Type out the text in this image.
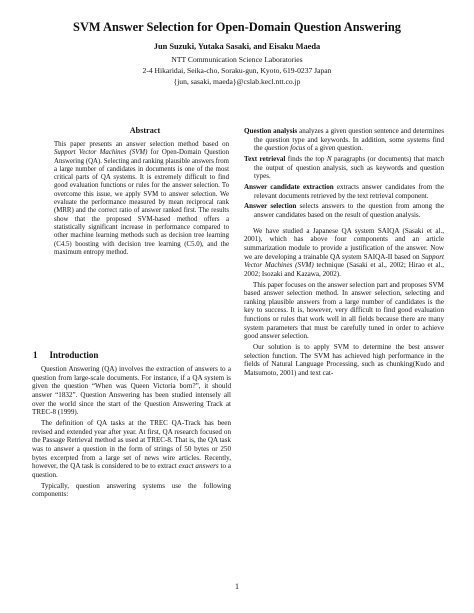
SVM Answer Selection for Open-Domain Question Answering
Jun Suzuki, Yutaka Sasaki, and Eisaku Maeda
NTT Communication Science Laboratories
2-4 Hikaridai, Seika-cho, Soraku-gun, Kyoto, 619-0237 Japan
{jun, sasaki, maeda}@cslab.kecl.ntt.co.jp
Abstract
This paper presents an answer selection method based on Support Vector Machines (SVM) for Open-Domain Question Answering (QA). Selecting and ranking plausible answers from a large number of candidates in documents is one of the most critical parts of QA systems. It is extremely difficult to find good evaluation functions or rules for the answer selection. To overcome this issue, we apply SVM to answer selection. We evaluate the performance measured by mean reciprocal rank (MRR) and the correct ratio of answer ranked first. The results show that the proposed SVM-based method offers a statistically significant increase in performance compared to other machine learning methods such as decision tree learning (C4.5) boosting with decision tree learning (C5.0), and the maximum entropy method.
1 Introduction

Question Answering (QA) involves the extraction of answers to a question from large-scale documents. For instance, if a QA system is given the question “When was Queen Victoria born?”, it should answer “1832”. Question Answering has been studied intensely all over the world since the start of the Question Answering Track at TREC-8 (1999).

The definition of QA tasks at the TREC QA-Track has been revised and extended year after year. At first, QA research focused on the Passage Retrieval method as used at TREC-8. That is, the QA task was to answer a question in the form of strings of 50 bytes or 250 bytes excerpted from a large set of news wire articles. Recently, however, the QA task is considered to be to extract exact answers to a question.

Typically, question answering systems use the following components:

Question analysis analyzes a given question sentence and determines the question type and keywords. In addition, some systems find the question focus of a given question.
Text retrieval finds the top N paragraphs (or documents) that match the output of question analysis, such as keywords and question types.
Answer candidate extraction extracts answer candidates from the relevant documents retrieved by the text retrieval component.
Answer selection selects answers to the question from among the answer candidates based on the result of question analysis.

We have studied a Japanese QA system SAIQA (Sasaki et al., 2001), which has above four components and an article summarization module to provide a justification of the answer. Now we are developing a trainable QA system SAIQA-II based on Support Vector Machines (SVM) technique (Sasaki et al., 2002; Hirao et al., 2002; Isozaki and Kazawa, 2002).

This paper focuses on the answer selection part and proposes SVM based answer selection method. In answer selection, selecting and ranking plausible answers from a large number of candidates is the key to success. It is, however, very difficult to find good evaluation functions or rules that work well in all fields because there are many system parameters that must be carefully tuned in order to achieve good answer selection.

Our solution is to apply SVM to determine the best answer selection function. The SVM has achieved high performance in the fields of Natural Language Processing, such as chunking(Kudo and Matsumoto, 2001) and text cat-

1
